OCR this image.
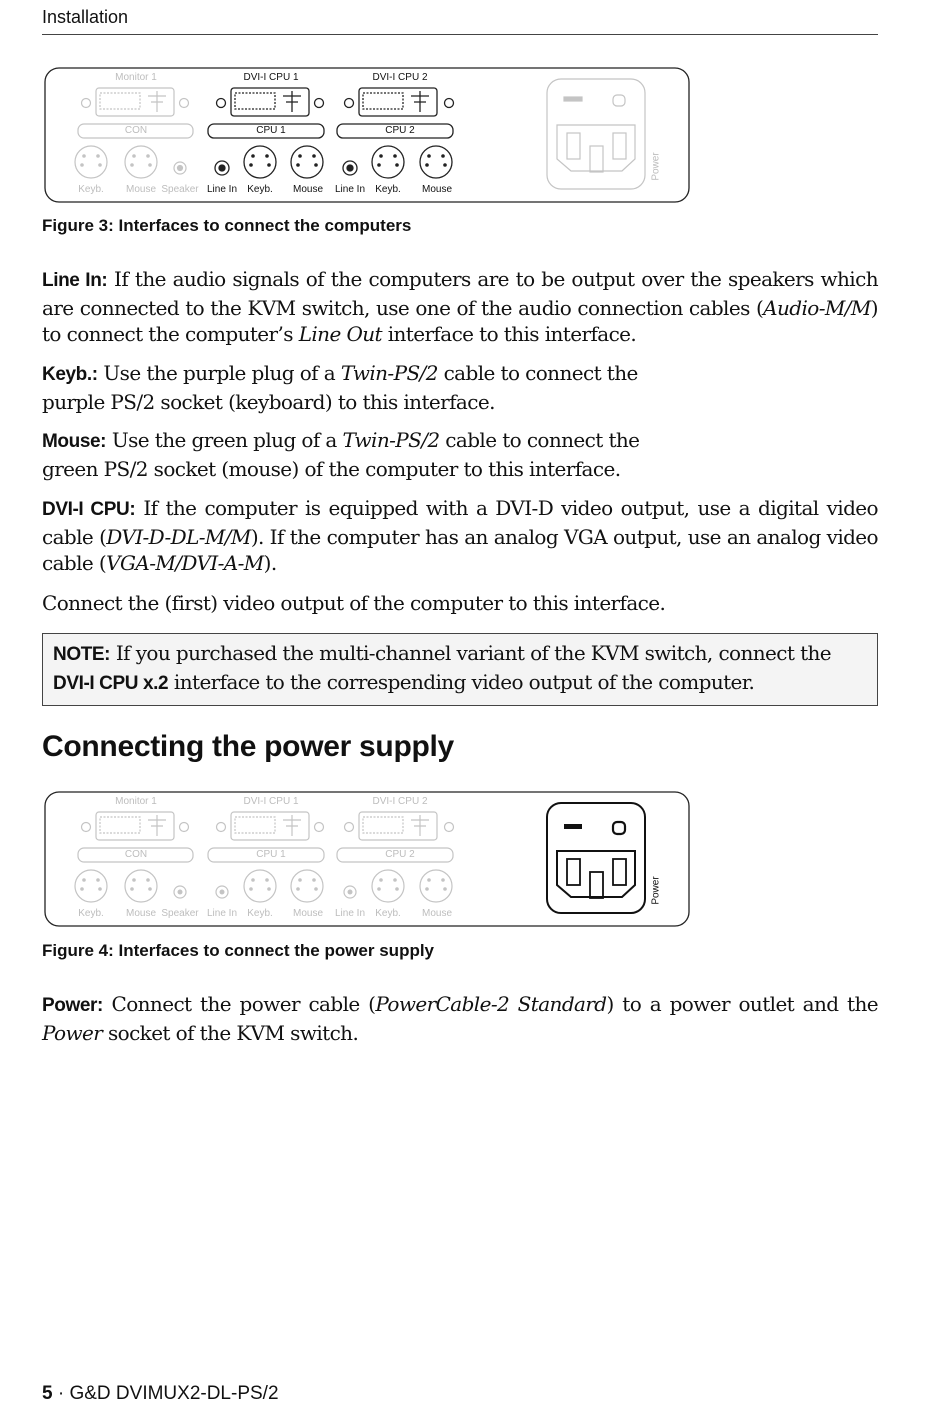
Installation
Monitor 1	DVI-I CPU 1	DVI-I CPU 2
CON	CPU 1	CPU 2
Keyb. Mouse Speaker Line In Keyb. Mouse Line In Keyb. Mouse
Power
Figure 3: Interfaces to connect the computers

Line In: If the audio signals of the computers are to be output over the speakers which are connected to the KVM switch, use one of the audio connection cables (Audio-M/M) to connect the computer’s Line Out interface to this interface.

Keyb.: Use the purple plug of a Twin-PS/2 cable to connect the
purple PS/2 socket (keyboard) to this interface.

Mouse: Use the green plug of a Twin-PS/2 cable to connect the
green PS/2 socket (mouse) of the computer to this interface.

DVI-I CPU: If the computer is equipped with a DVI-D video output, use a digital video cable (DVI-D-DL-M/M). If the computer has an analog VGA output, use an analog video cable (VGA-M/DVI-A-M).

Connect the (first) video output of the computer to this interface.

NOTE: If you purchased the multi-channel variant of the KVM switch, connect the DVI-I CPU x.2 interface to the correspending video output of the computer.

Connecting the power supply
Monitor 1	DVI-I CPU 1	DVI-I CPU 2
CON	CPU 1	CPU 2
Keyb. Mouse Speaker Line In Keyb. Mouse Line In Keyb. Mouse
Power
Figure 4: Interfaces to connect the power supply

Power: Connect the power cable (PowerCable-2 Standard) to a power outlet and the Power socket of the KVM switch.

5 · G&D DVIMUX2-DL-PS/2
